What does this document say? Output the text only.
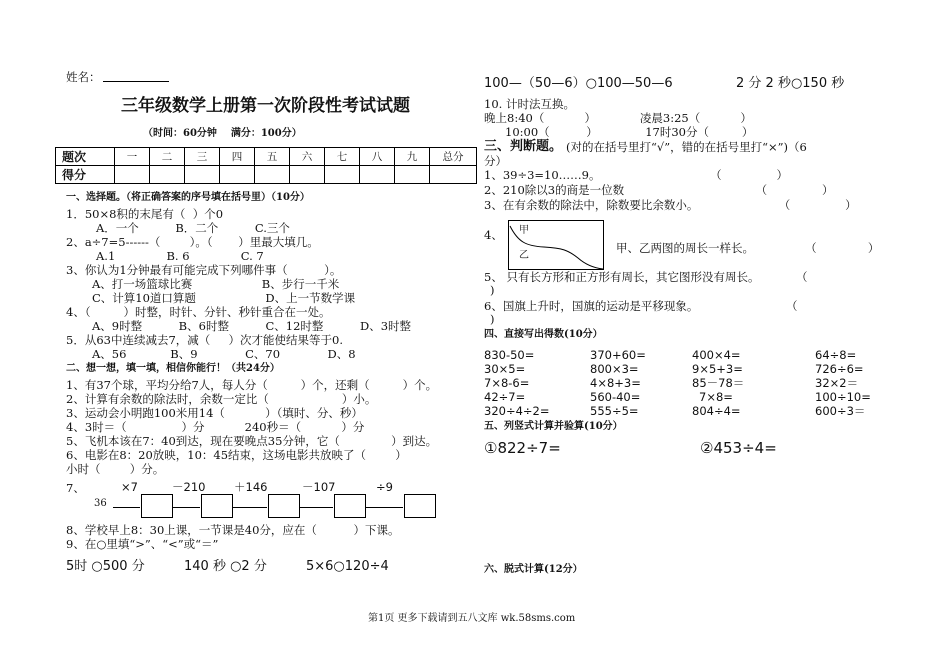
姓名：
三年级数学上册第一次阶段性考试试题
（时间：60分钟    满分：100分）
题次	一	二	三	四	五	六	七	八	九	总分
得分										
一、选择题。（将正确答案的序号填在括号里）（10分）
1．50×8积的末尾有（  ）个0
A．一个          B．二个          C.三个
2、a÷7=5------（        ）。（       ）里最大填几。
A.1              B. 6              C. 7
3、你认为1分钟最有可能完成下列哪件事（          ）。
A、打一场篮球比赛                   B、步行一千米
C、计算10道口算题                   D、上一节数学课
4、（         ）时整，时针、分针、秒针重合在一处。
A、9时整          B、6时整          C、12时整          D、3时整
5．从63中连续减去7，减（     ）次才能使结果等于0.
A、56            B、9             C、70             D、8
二、想一想，填一填，相信你能行！（共24分）
1、有37个球，平均分给7人，每人分（         ）个，还剩（         ）个。
2、计算有余数的除法时，余数一定比（                    ）小。
3、运动会小明跑100米用14（           ）（填时、分、秒）
4、3时＝（               ）分           240秒＝（           ）分
5、飞机本该在7：40到达，现在要晚点35分钟，它（              ）到达。
6、电影在8：20放映，10：45结束，这场电影共放映了（        ）
小时（        ）分。
7、
36
×7	－210 ＋146	－107	÷9
8、学校早上8：30上课，一节课是40分，应在（          ）下课。
9、在○里填“>”、“<”或“＝”
5时 ○500 分	140 秒 ○2 分	5×6○120÷4
100—（50—6）○100—50—6	2 分 2 秒○150 秒
10. 计时法互换。
晚上8:40（           ）            凌晨3:25（           ）
10:00（          ）             17时30分（         ）
三、判断题。 (对的在括号里打“√”，错的在括号里打“×”)（6
分）
1、39÷3=10……9。                              （               ）
2、210除以3的商是一位数                                    （               ）
3、在有余数的除法中，除数要比余数小。                      （               ）
4、 甲
乙
甲、乙两图的周长一样长。              （              ）
5、 只有长方形和正方形有周长，其它图形没有周长。          （
)
6、国旗上升时，国旗的运动是平移现象。                        （
)
四、直接写出得数(10分）
830-50=	370+60=	400×4=	64÷8=
30×5=	800×3=	9×5+3=	726÷6=
7×8-6=	4×8+3=	85－78＝	32×2＝
42÷7=	560-40=	7×8=	100÷10=
320÷4÷2=	555÷5=	804÷4=	600÷3＝
五、列竖式计算并验算(10分）
①822÷7=	②453÷4=
六、脱式计算(12分）
第1页 更多下载请到五八文库 wk.58sms.com
